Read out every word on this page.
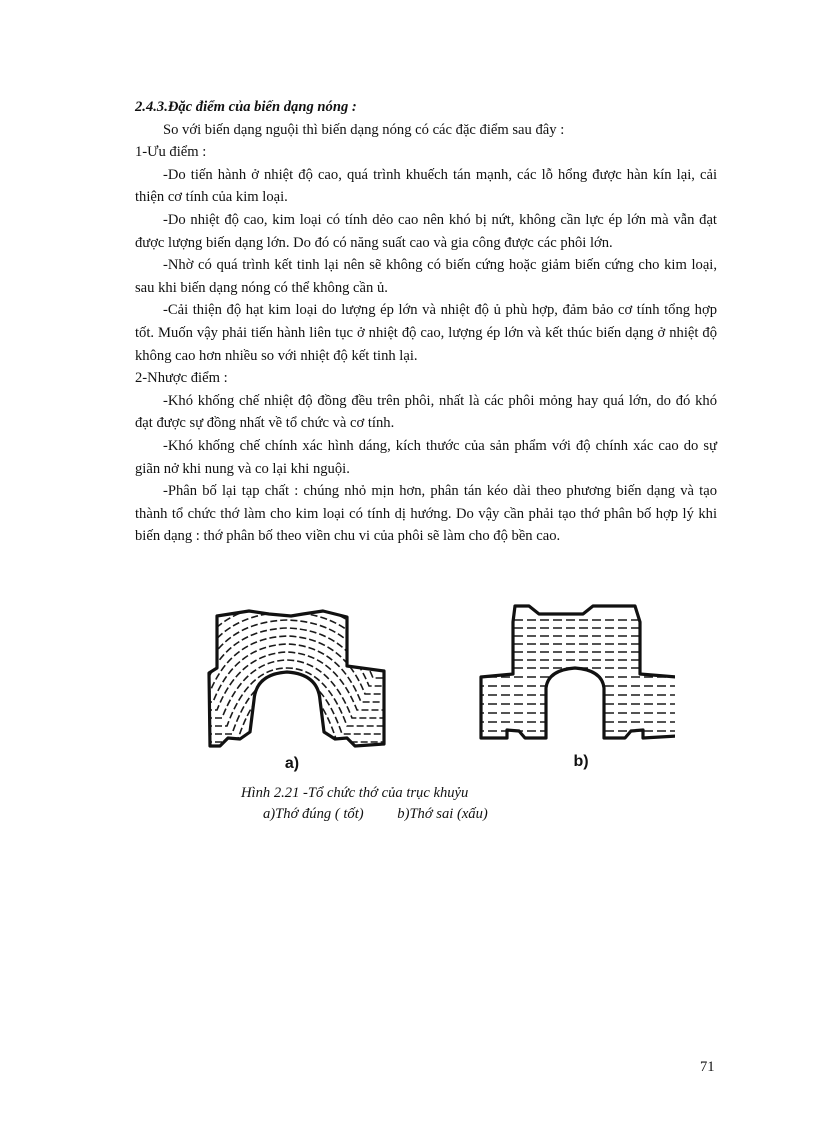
2.4.3.Đặc điểm của biến dạng nóng :

So với biến dạng nguội thì biến dạng nóng có các đặc điểm sau đây :

1-Ưu điểm :

-Do tiến hành ở nhiệt độ cao, quá trình khuếch tán mạnh, các lỗ hổng được hàn kín lại, cải thiện cơ tính của kim loại.

-Do nhiệt độ cao, kim loại có tính dẻo cao nên khó bị nứt, không cần lực ép lớn mà vẫn đạt được lượng biến dạng lớn. Do đó có năng suất cao và gia công được các phôi lớn.

-Nhờ có quá trình kết tinh lại nên sẽ không có biến cứng hoặc giảm biến cứng cho kim loại, sau khi biến dạng nóng có thể không cần ủ.

-Cải thiện độ hạt kim loại do lượng ép lớn và nhiệt độ ủ phù hợp, đảm bảo cơ tính tổng hợp tốt. Muốn vậy phải tiến hành liên tục ở nhiệt độ cao, lượng ép lớn và kết thúc biến dạng ở nhiệt độ không cao hơn nhiều so với nhiệt độ kết tinh lại.

2-Nhược điểm :

-Khó khống chế nhiệt độ đồng đều trên phôi, nhất là các phôi mỏng hay quá lớn, do đó khó đạt được sự đồng nhất về tổ chức và cơ tính.

-Khó khống chế chính xác hình dáng, kích thước của sản phẩm với độ chính xác cao do sự giãn nở khi nung và co lại khi nguội.

-Phân bố lại tạp chất : chúng nhỏ mịn hơn, phân tán kéo dài theo phương biến dạng và tạo thành tổ chức thớ làm cho kim loại có tính dị hướng. Do vậy cần phải tạo thớ phân bố hợp lý khi biến dạng : thớ phân bố theo viền chu vi của phôi sẽ làm cho độ bền cao.

a)	b)
Hình 2.21 -Tổ chức thớ của trục khuỷu
a)Thớ đúng ( tốt) b)Thớ sai (xấu)
71
